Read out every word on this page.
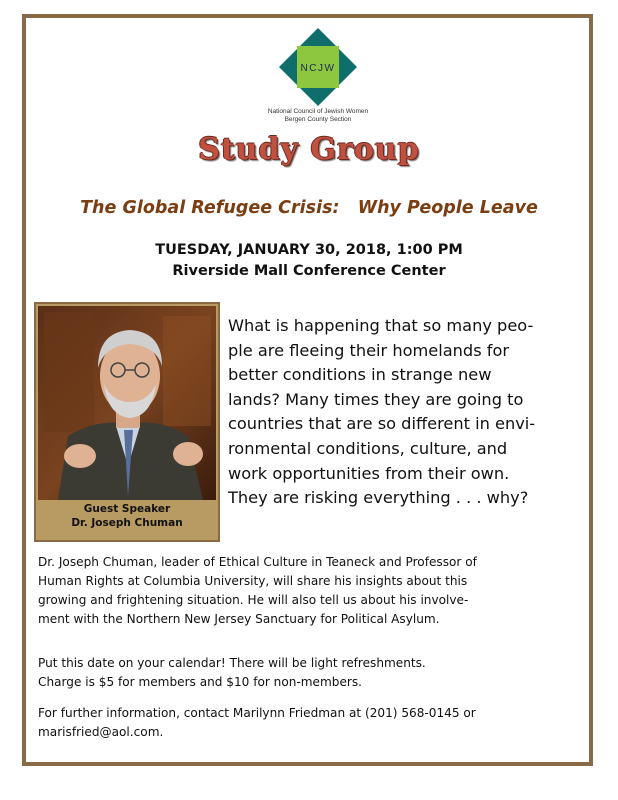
NCJW
National Council of Jewish Women
Bergen County Section
Study Group
The Global Refugee Crisis:   Why People Leave
TUESDAY, JANUARY 30, 2018, 1:00 PM
Riverside Mall Conference Center
Guest Speaker
Dr. Joseph Chuman
What is happening that so many peo-
ple are fleeing their homelands for
better conditions in strange new
lands? Many times they are going to
countries that are so different in envi-
ronmental conditions, culture, and
work opportunities from their own.
They are risking everything . . . why?
Dr. Joseph Chuman, leader of Ethical Culture in Teaneck and Professor of
Human Rights at Columbia University, will share his insights about this
growing and frightening situation. He will also tell us about his involve-
ment with the Northern New Jersey Sanctuary for Political Asylum.
Put this date on your calendar! There will be light refreshments.
Charge is $5 for members and $10 for non-members.
For further information, contact Marilynn Friedman at (201) 568-0145 or
marisfried@aol.com.
